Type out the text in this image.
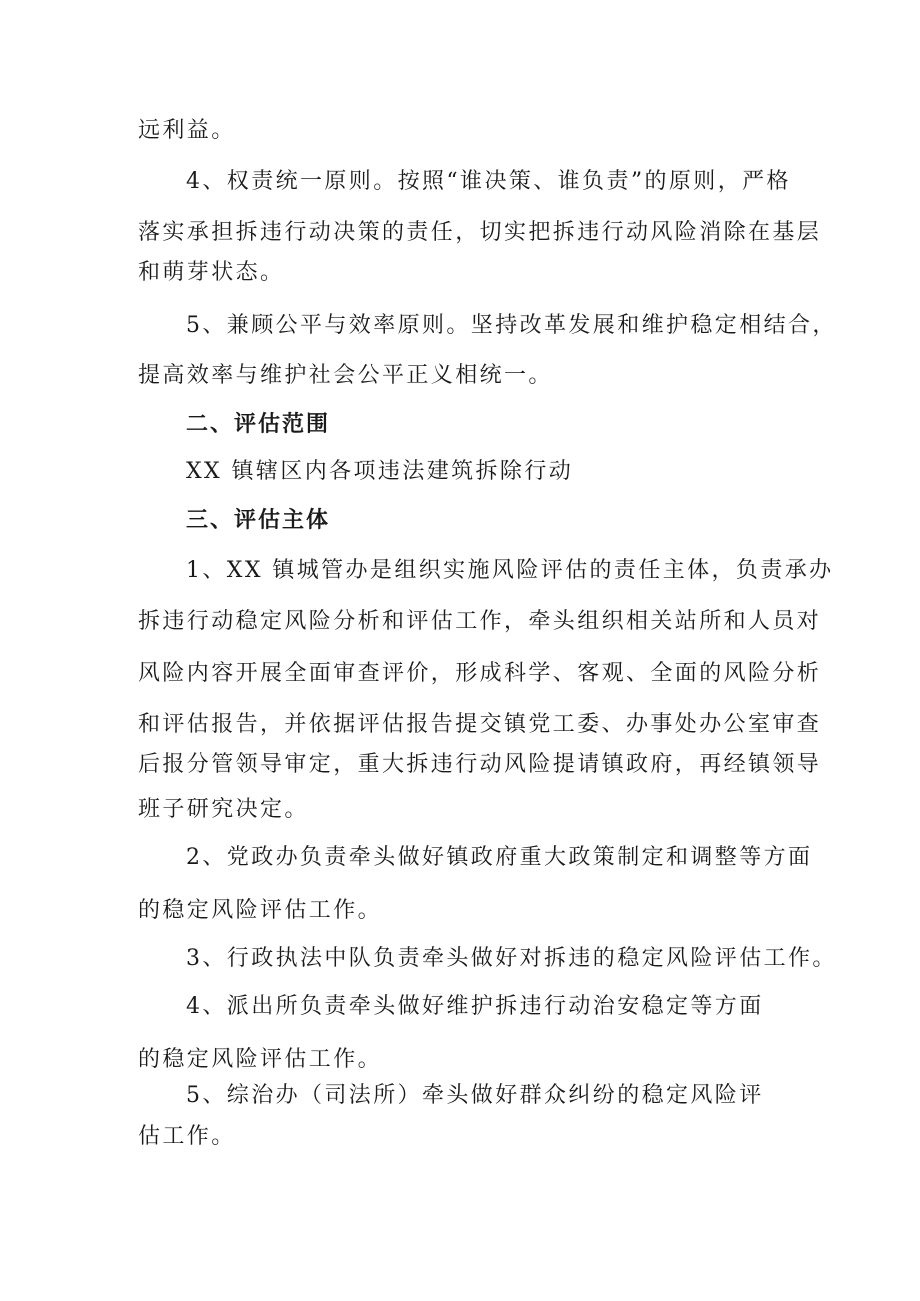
远利益。

4、权责统一原则。按照“谁决策、谁负责”的原则，严格

落实承担拆违行动决策的责任，切实把拆违行动风险消除在基层

和萌芽状态。

5、兼顾公平与效率原则。坚持改革发展和维护稳定相结合，

提高效率与维护社会公平正义相统一。

二、评估范围

XX 镇辖区内各项违法建筑拆除行动

三、评估主体

1、XX 镇城管办是组织实施风险评估的责任主体，负责承办

拆违行动稳定风险分析和评估工作，牵头组织相关站所和人员对

风险内容开展全面审查评价，形成科学、客观、全面的风险分析

和评估报告，并依据评估报告提交镇党工委、办事处办公室审查

后报分管领导审定，重大拆违行动风险提请镇政府，再经镇领导

班子研究决定。

2、党政办负责牵头做好镇政府重大政策制定和调整等方面

的稳定风险评估工作。

3、行政执法中队负责牵头做好对拆违的稳定风险评估工作。

4、派出所负责牵头做好维护拆违行动治安稳定等方面

的稳定风险评估工作。

5、综治办（司法所）牵头做好群众纠纷的稳定风险评

估工作。
